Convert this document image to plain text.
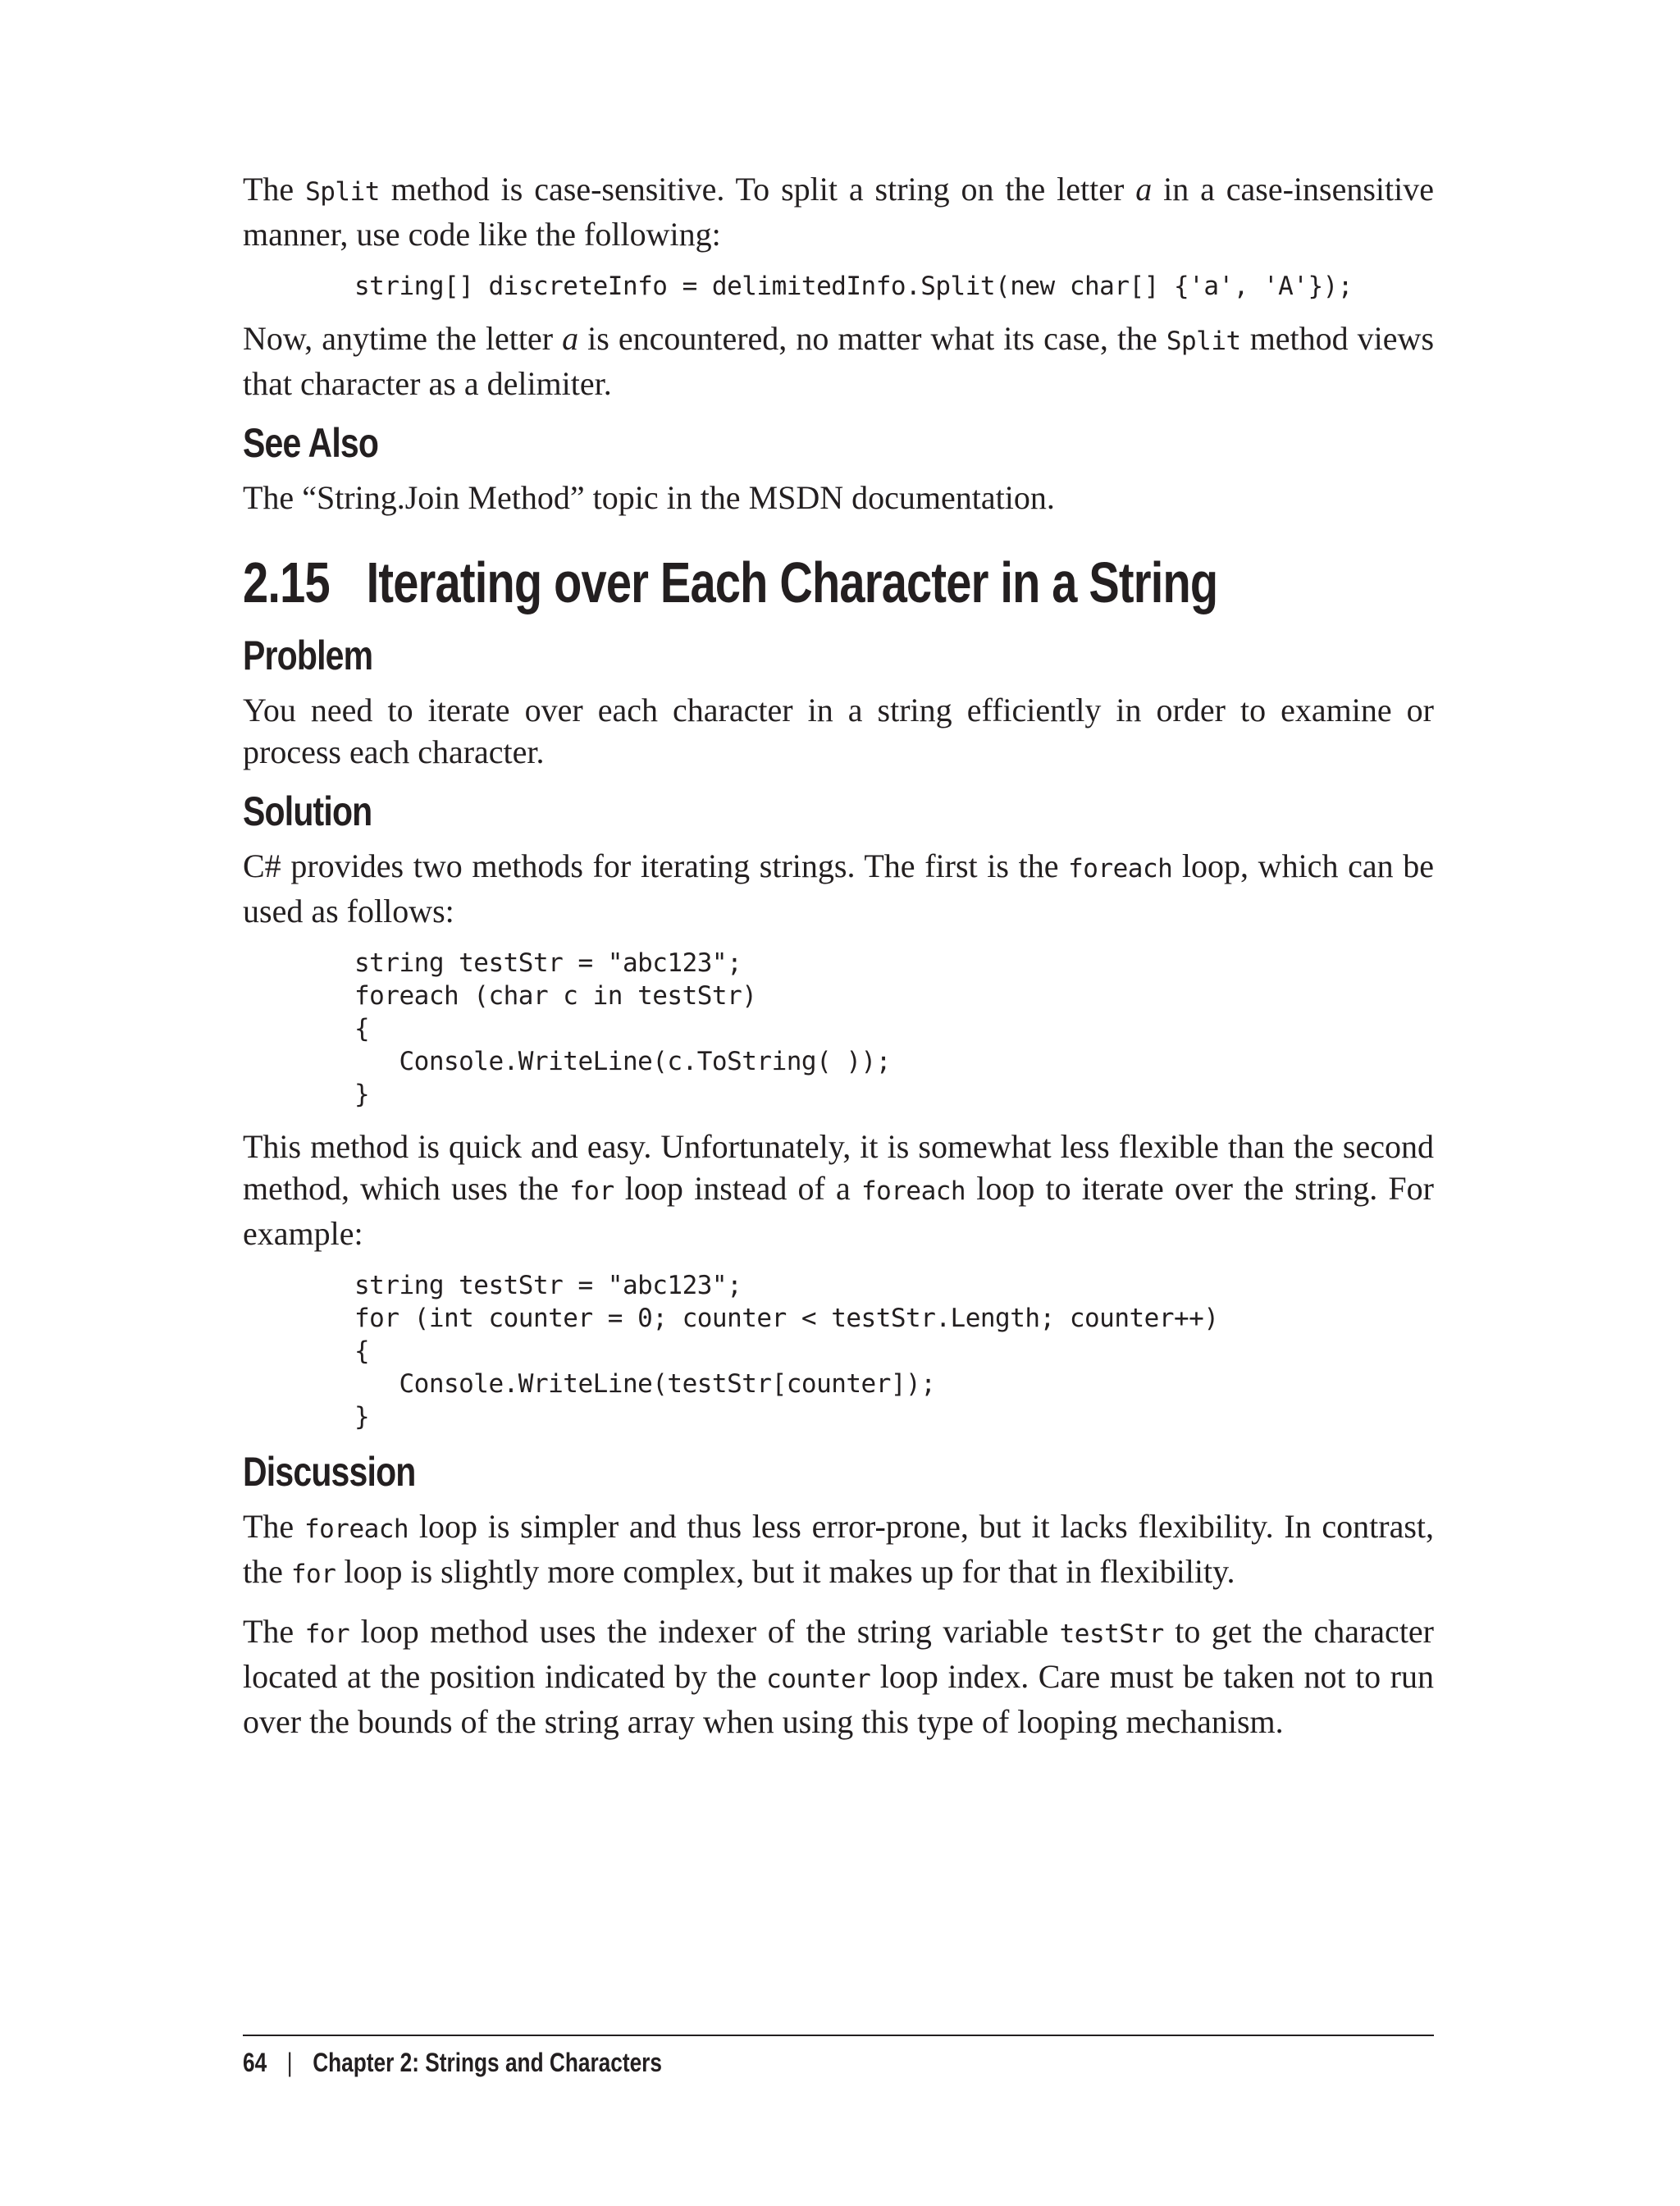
The Split method is case-sensitive. To split a string on the letter a in a case-insensitive manner, use code like the following:

string[] discreteInfo = delimitedInfo.Split(new char[] {'a', 'A'});

Now, anytime the letter a is encountered, no matter what its case, the Split method views that character as a delimiter.

See Also

The “String.Join Method” topic in the MSDN documentation.

2.15 Iterating over Each Character in a String
Problem

You need to iterate over each character in a string efficiently in order to examine or process each character.

Solution

C# provides two methods for iterating strings. The first is the foreach loop, which can be used as follows:

string testStr = "abc123";
foreach (char c in testStr)
{
Console.WriteLine(c.ToString( ));
}

This method is quick and easy. Unfortunately, it is somewhat less flexible than the second method, which uses the for loop instead of a foreach loop to iterate over the string. For example:

string testStr = "abc123";
for (int counter = 0; counter < testStr.Length; counter++)
{
Console.WriteLine(testStr[counter]);
}
Discussion

The foreach loop is simpler and thus less error-prone, but it lacks flexibility. In contrast, the for loop is slightly more complex, but it makes up for that in flexibility.

The for loop method uses the indexer of the string variable testStr to get the character located at the position indicated by the counter loop index. Care must be taken not to run over the bounds of the string array when using this type of looping mechanism.

64 | Chapter 2: Strings and Characters
